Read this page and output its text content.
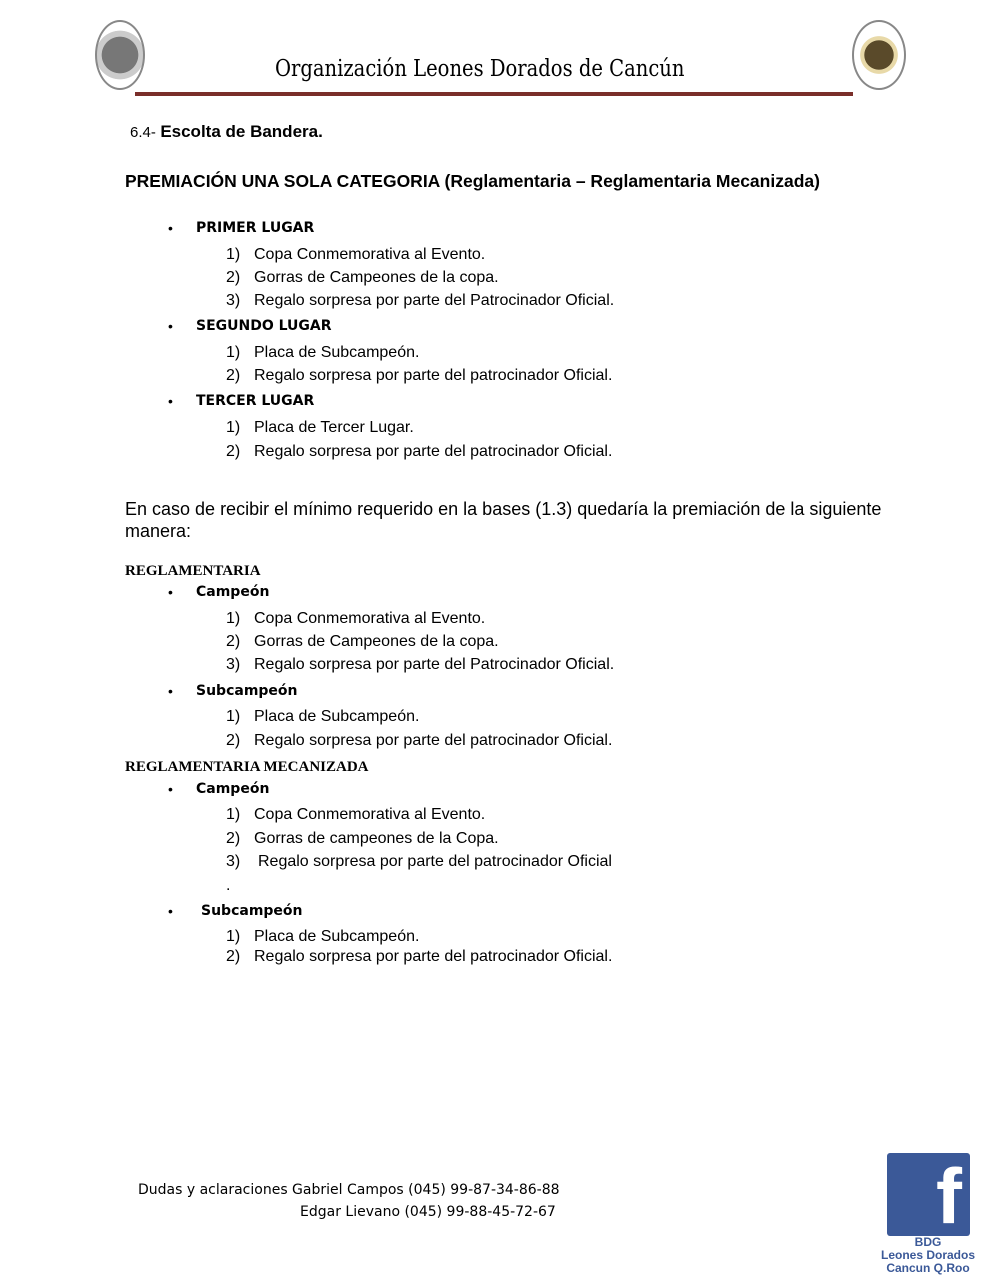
Organización Leones Dorados de Cancún
6.4- Escolta de Bandera.
PREMIACIÓN UNA SOLA CATEGORIA (Reglamentaria – Reglamentaria Mecanizada)
• PRIMER LUGAR
1) Copa Conmemorativa al Evento.
2) Gorras de Campeones de la copa.
3) Regalo sorpresa por parte del Patrocinador Oficial.
• SEGUNDO LUGAR
1) Placa de Subcampeón.
2) Regalo sorpresa por parte del patrocinador Oficial.
• TERCER LUGAR
1) Placa de Tercer Lugar.
2) Regalo sorpresa por parte del patrocinador Oficial.
• Campeón
1) Copa Conmemorativa al Evento.
2) Gorras de Campeones de la copa.
3) Regalo sorpresa por parte del Patrocinador Oficial.
• Subcampeón
1) Placa de Subcampeón.
2) Regalo sorpresa por parte del patrocinador Oficial.
• Campeón
1) Copa Conmemorativa al Evento.
2) Gorras de campeones de la Copa.
3) Regalo sorpresa por parte del patrocinador Oficial
• Subcampeón
1) Placa de Subcampeón.
2) Regalo sorpresa por parte del patrocinador Oficial.
En caso de recibir el mínimo requerido en la bases (1.3) quedaría la premiación de la siguiente
manera:
REGLAMENTARIA
REGLAMENTARIA MECANIZADA
.
Dudas y aclaraciones Gabriel Campos (045) 99-87-34-86-88
Edgar Lievano (045) 99-88-45-72-67	f
BDG
Leones Dorados
Cancun Q.Roo
